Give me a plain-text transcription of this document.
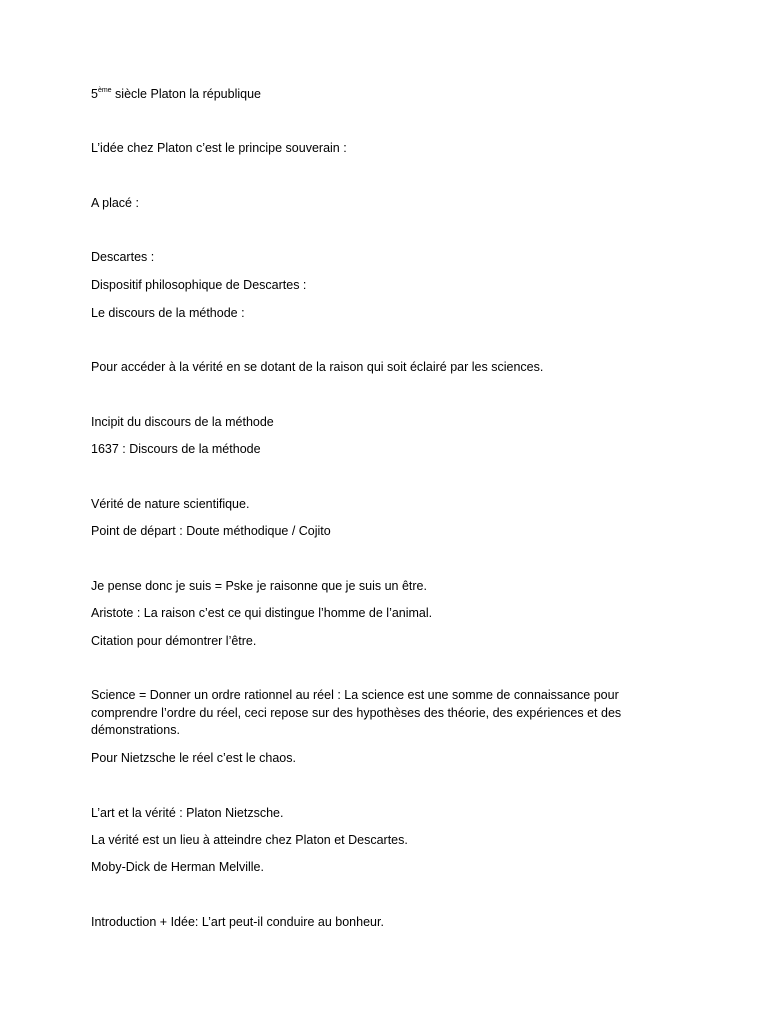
5ème siècle Platon la république

L’idée chez Platon c’est le principe souverain :

A placé :

Descartes :

Dispositif philosophique de Descartes :

Le discours de la méthode :

Pour accéder à la vérité en se dotant de la raison qui soit éclairé par les sciences.

Incipit du discours de la méthode

1637 : Discours de la méthode

Vérité de nature scientifique.

Point de départ : Doute méthodique / Cojito

Je pense donc je suis = Pske je raisonne que je suis un être.

Aristote : La raison c’est ce qui distingue l’homme de l’animal.

Citation pour démontrer l’être.

Science = Donner un ordre rationnel au réel : La science est une somme de connaissance pour comprendre l’ordre du réel, ceci repose sur des hypothèses des théorie, des expériences et des démonstrations.

Pour Nietzsche le réel c’est le chaos.

L’art et la vérité : Platon Nietzsche.

La vérité est un lieu à atteindre chez Platon et Descartes.

Moby-Dick de Herman Melville.

Introduction + Idée: L’art peut-il conduire au bonheur.
